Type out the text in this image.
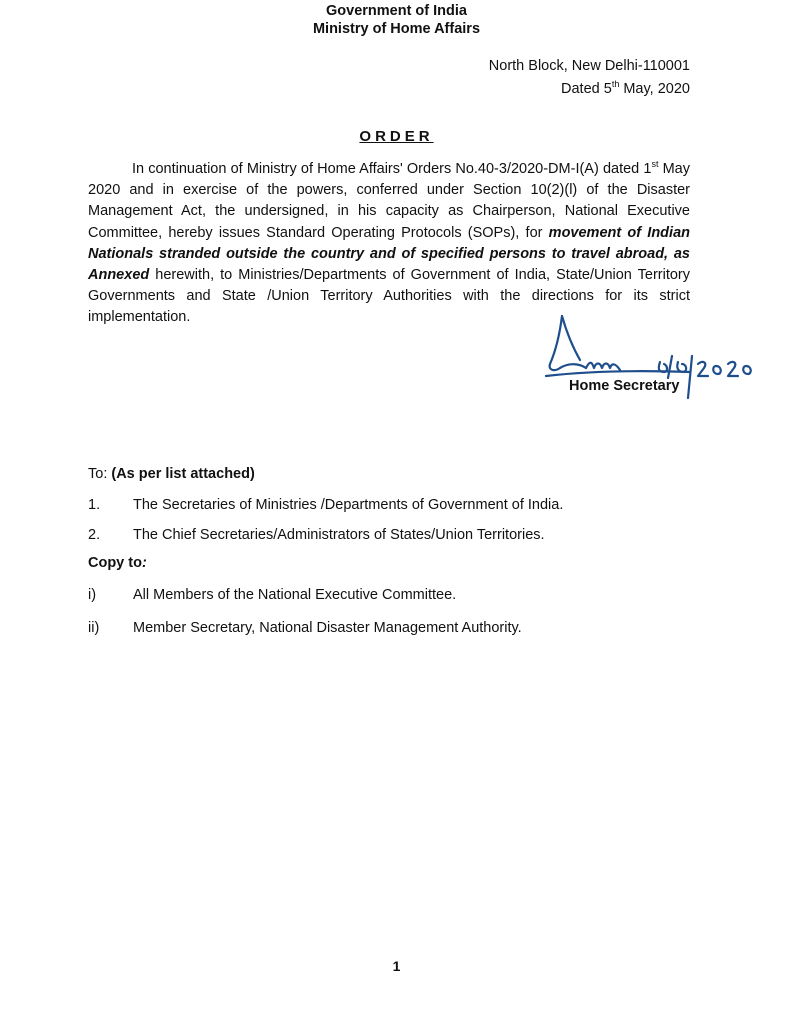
Government of India
Ministry of Home Affairs
North Block, New Delhi-110001
Dated 5th May, 2020
ORDER
In continuation of Ministry of Home Affairs' Orders No.40-3/2020-DM-I(A) dated 1st May 2020 and in exercise of the powers, conferred under Section 10(2)(l) of the Disaster Management Act, the undersigned, in his capacity as Chairperson, National Executive Committee, hereby issues Standard Operating Protocols (SOPs), for movement of Indian Nationals stranded outside the country and of specified persons to travel abroad, as Annexed herewith, to Ministries/Departments of Government of India, State/Union Territory Governments and State /Union Territory Authorities with the directions for its strict implementation.
Home Secretary
To: (As per list attached)
1. The Secretaries of Ministries /Departments of Government of India.
2. The Chief Secretaries/Administrators of States/Union Territories.
Copy to:
i)	All Members of the National Executive Committee.
ii) Member Secretary, National Disaster Management Authority.
1
